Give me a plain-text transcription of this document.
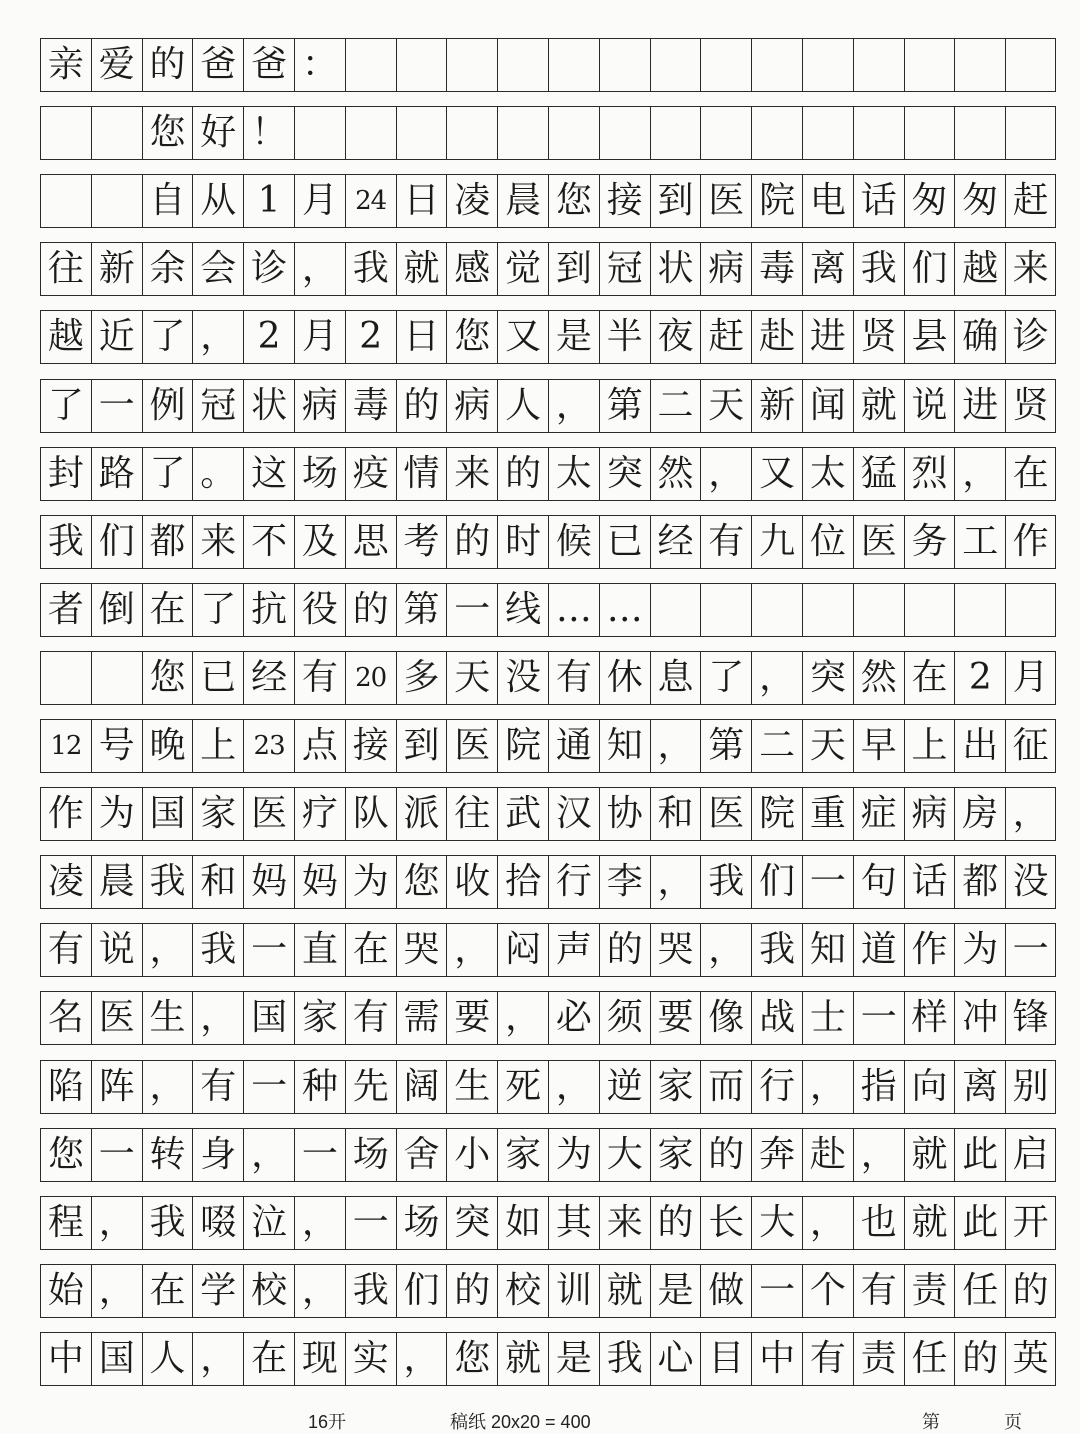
亲 爱 的 爸 爸 ：
您 好 ！
自 从 1 月 24 日 凌 晨 您 接 到 医 院 电 话 匆 匆 赶
往 新 余 会 诊 ， 我 就 感 觉 到 冠 状 病 毒 离 我 们 越 来
越 近 了 ， 2 月 2 日 您 又 是 半 夜 赶 赴 进 贤 县 确 诊
了 一 例 冠 状 病 毒 的 病 人 ， 第 二 天 新 闻 就 说 进 贤
封 路 了 。 这 场 疫 情 来 的 太 突 然 ， 又 太 猛 烈 ， 在
我 们 都 来 不 及 思 考 的 时 候 已 经 有 九 位 医 务 工 作
者 倒 在 了 抗 役 的 第 一 线 … …
您 已 经 有 20 多 天 没 有 休 息 了 ， 突 然 在 2 月
12 号 晚 上 23 点 接 到 医 院 通 知 ， 第 二 天 早 上 出 征
作 为 国 家 医 疗 队 派 往 武 汉 协 和 医 院 重 症 病 房 ，
凌 晨 我 和 妈 妈 为 您 收 拾 行 李 ， 我 们 一 句 话 都 没
有 说 ， 我 一 直 在 哭 ， 闷 声 的 哭 ， 我 知 道 作 为 一
名 医 生 ， 国 家 有 需 要 ， 必 须 要 像 战 士 一 样 冲 锋
陷 阵 ， 有 一 种 先 阔 生 死 ， 逆 家 而 行 ， 指 向 离 别
您 一 转 身 ， 一 场 舍 小 家 为 大 家 的 奔 赴 ， 就 此 启
程 ， 我 啜 泣 ， 一 场 突 如 其 来 的 长 大 ， 也 就 此 开
始 ， 在 学 校 ， 我 们 的 校 训 就 是 做 一 个 有 责 任 的
中 国 人 ， 在 现 实 ， 您 就 是 我 心 目 中 有 责 任 的 英
16开	稿纸 20x20 = 400	第	页
